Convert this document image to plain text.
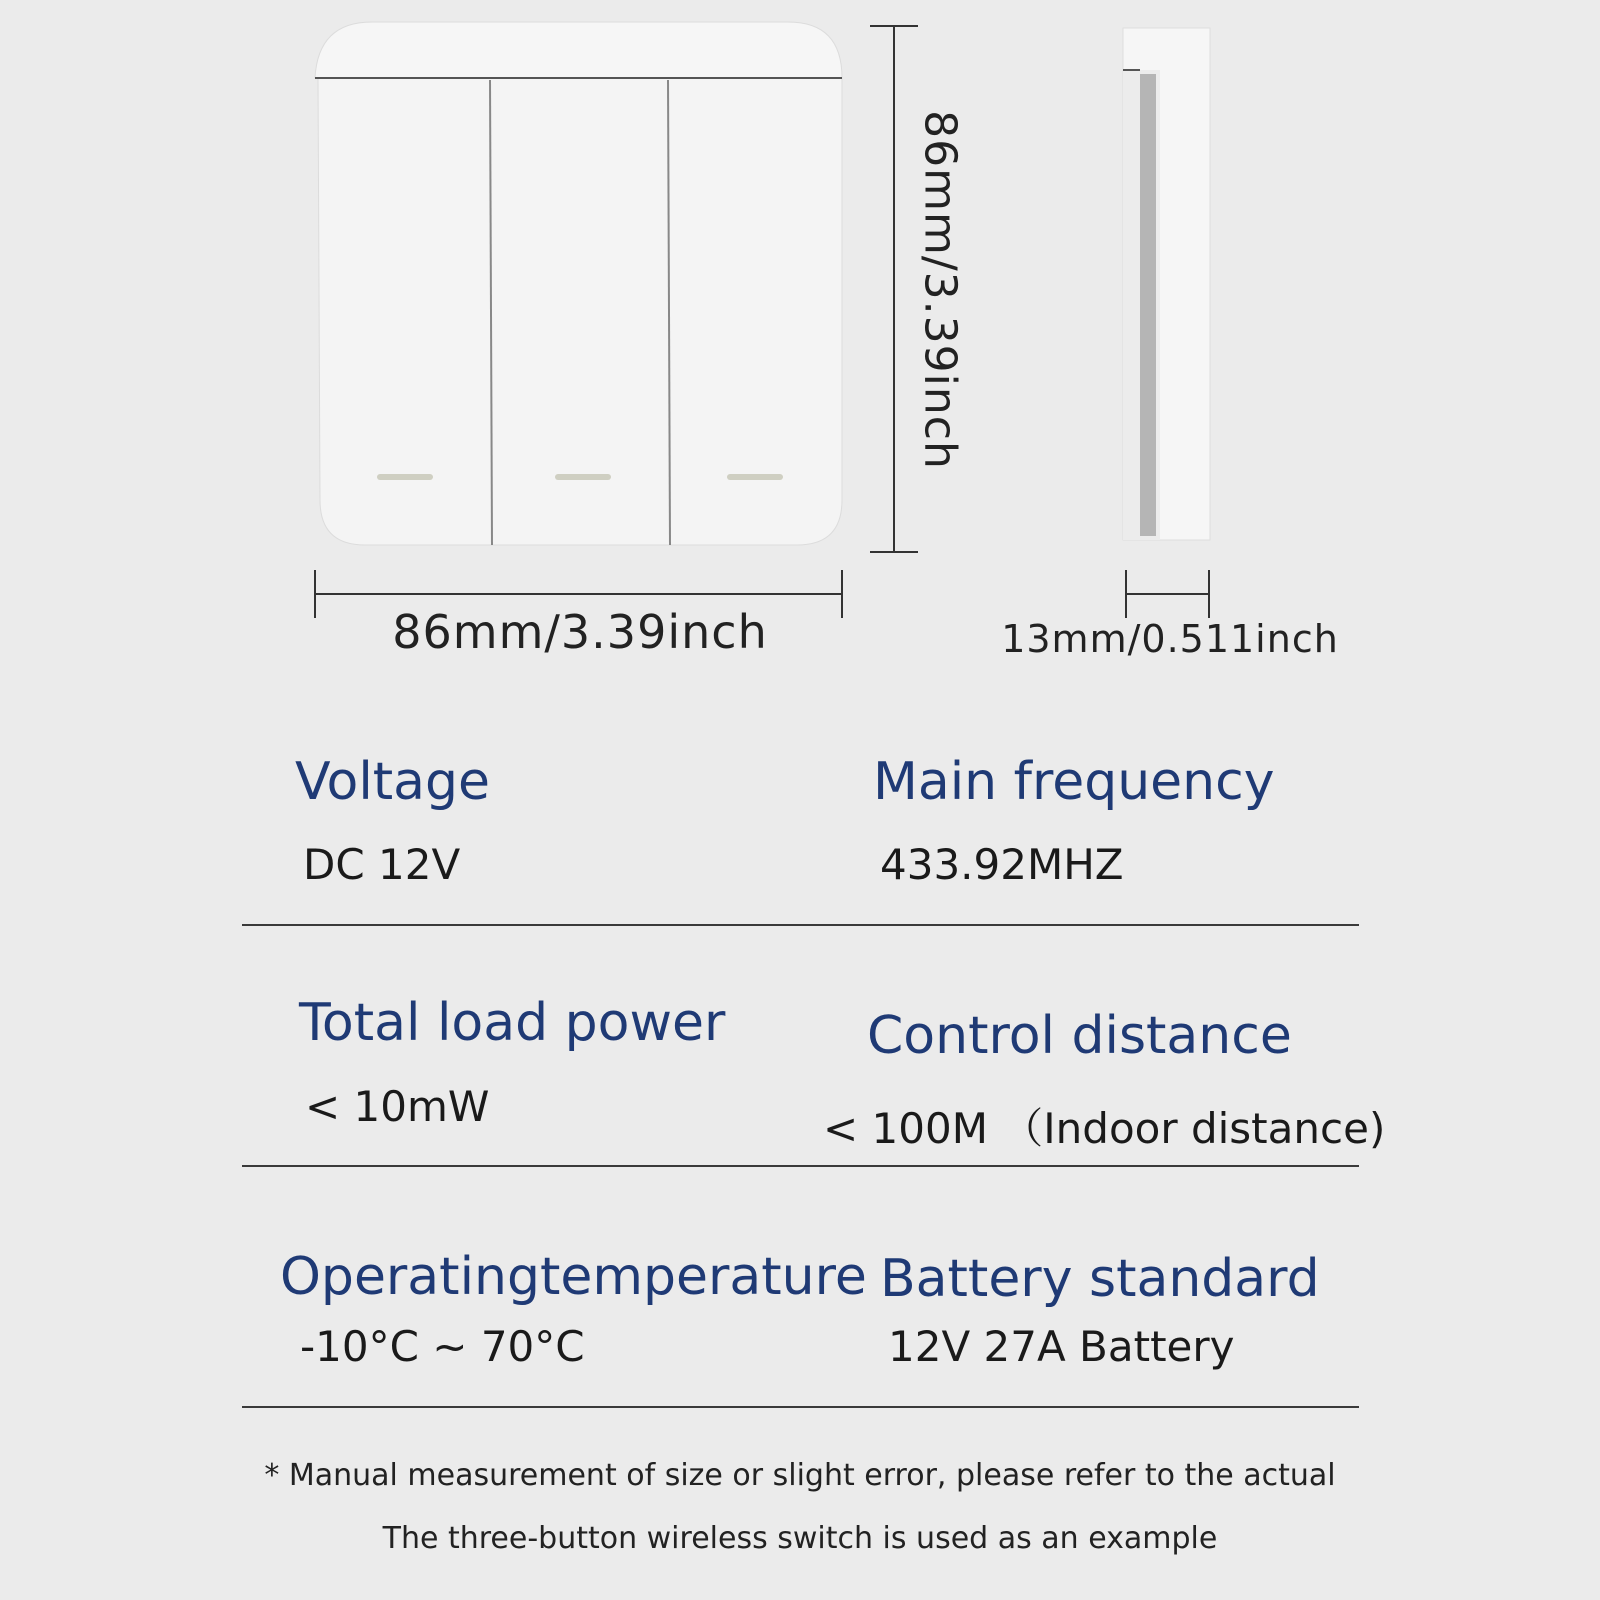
86mm/3.39inch
86mm/3.39inch
13mm/0.511inch
Voltage
DC 12V
Main frequency
433.92MHZ
Total load power
< 10mW
Control distance
< 100M （Indoor distance)
Operatingtemperature
-10°C ~ 70°C
Battery standard
12V 27A Battery
* Manual measurement of size or slight error, please refer to the actual
The three-button wireless switch is used as an example
